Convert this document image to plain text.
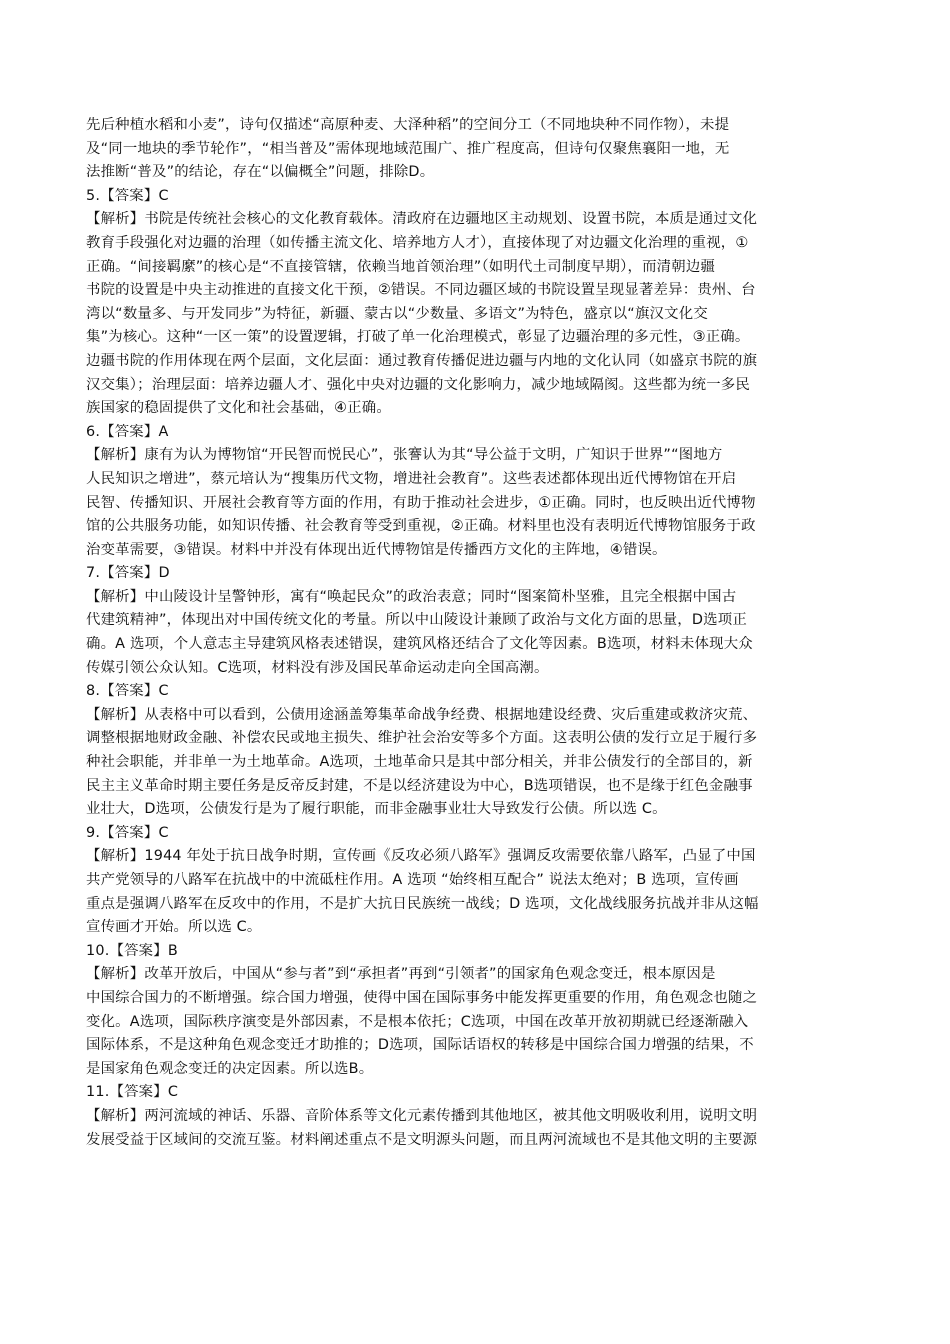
先后种植水稻和小麦”，诗句仅描述“高原种麦、大泽种稻”的空间分工（不同地块种不同作物），未提
及“同一地块的季节轮作”，“相当普及”需体现地域范围广、推广程度高，但诗句仅聚焦襄阳一地，无
法推断“普及”的结论，存在“以偏概全”问题，排除D。
5.【答案】C
【解析】书院是传统社会核心的文化教育载体。清政府在边疆地区主动规划、设置书院，本质是通过文化
教育手段强化对边疆的治理（如传播主流文化、培养地方人才），直接体现了对边疆文化治理的重视，①
正确。“间接羁縻”的核心是“不直接管辖，依赖当地首领治理”（如明代土司制度早期），而清朝边疆
书院的设置是中央主动推进的直接文化干预，②错误。不同边疆区域的书院设置呈现显著差异：贵州、台
湾以“数量多、与开发同步”为特征，新疆、蒙古以“少数量、多语文”为特色，盛京以“旗汉文化交
集”为核心。这种“一区一策”的设置逻辑，打破了单一化治理模式，彰显了边疆治理的多元性，③正确。
边疆书院的作用体现在两个层面，文化层面：通过教育传播促进边疆与内地的文化认同（如盛京书院的旗
汉交集）；治理层面：培养边疆人才、强化中央对边疆的文化影响力，减少地域隔阂。这些都为统一多民
族国家的稳固提供了文化和社会基础，④正确。
6.【答案】A
【解析】康有为认为博物馆“开民智而悦民心”，张謇认为其“导公益于文明，广知识于世界”“图地方
人民知识之增进”，蔡元培认为“搜集历代文物，增进社会教育”。这些表述都体现出近代博物馆在开启
民智、传播知识、开展社会教育等方面的作用，有助于推动社会进步，①正确。同时，也反映出近代博物
馆的公共服务功能，如知识传播、社会教育等受到重视，②正确。材料里也没有表明近代博物馆服务于政
治变革需要，③错误。材料中并没有体现出近代博物馆是传播西方文化的主阵地，④错误。
7.【答案】D
【解析】中山陵设计呈警钟形，寓有“唤起民众”的政治表意；同时“图案简朴坚雅，且完全根据中国古
代建筑精神”，体现出对中国传统文化的考量。所以中山陵设计兼顾了政治与文化方面的思量，D选项正
确。A 选项，个人意志主导建筑风格表述错误，建筑风格还结合了文化等因素。B选项，材料未体现大众
传媒引领公众认知。C选项，材料没有涉及国民革命运动走向全国高潮。
8.【答案】C
【解析】从表格中可以看到，公债用途涵盖筹集革命战争经费、根据地建设经费、灾后重建或救济灾荒、
调整根据地财政金融、补偿农民或地主损失、维护社会治安等多个方面。这表明公债的发行立足于履行多
种社会职能，并非单一为土地革命。A选项，土地革命只是其中部分相关，并非公债发行的全部目的，新
民主主义革命时期主要任务是反帝反封建，不是以经济建设为中心，B选项错误，也不是缘于红色金融事
业壮大，D选项，公债发行是为了履行职能，而非金融事业壮大导致发行公债。所以选 C。
9.【答案】C
【解析】1944 年处于抗日战争时期，宣传画《反攻必须八路军》强调反攻需要依靠八路军，凸显了中国
共产党领导的八路军在抗战中的中流砥柱作用。A 选项 “始终相互配合” 说法太绝对；B 选项，宣传画
重点是强调八路军在反攻中的作用，不是扩大抗日民族统一战线；D 选项，文化战线服务抗战并非从这幅
宣传画才开始。所以选 C。
10.【答案】B
【解析】改革开放后，中国从“参与者”到“承担者”再到“引领者”的国家角色观念变迁，根本原因是
中国综合国力的不断增强。综合国力增强，使得中国在国际事务中能发挥更重要的作用，角色观念也随之
变化。A选项，国际秩序演变是外部因素，不是根本依托；C选项，中国在改革开放初期就已经逐渐融入
国际体系，不是这种角色观念变迁才助推的；D选项，国际话语权的转移是中国综合国力增强的结果，不
是国家角色观念变迁的决定因素。所以选B。
11.【答案】C
【解析】两河流域的神话、乐器、音阶体系等文化元素传播到其他地区，被其他文明吸收利用，说明文明
发展受益于区域间的交流互鉴。材料阐述重点不是文明源头问题，而且两河流域也不是其他文明的主要源
